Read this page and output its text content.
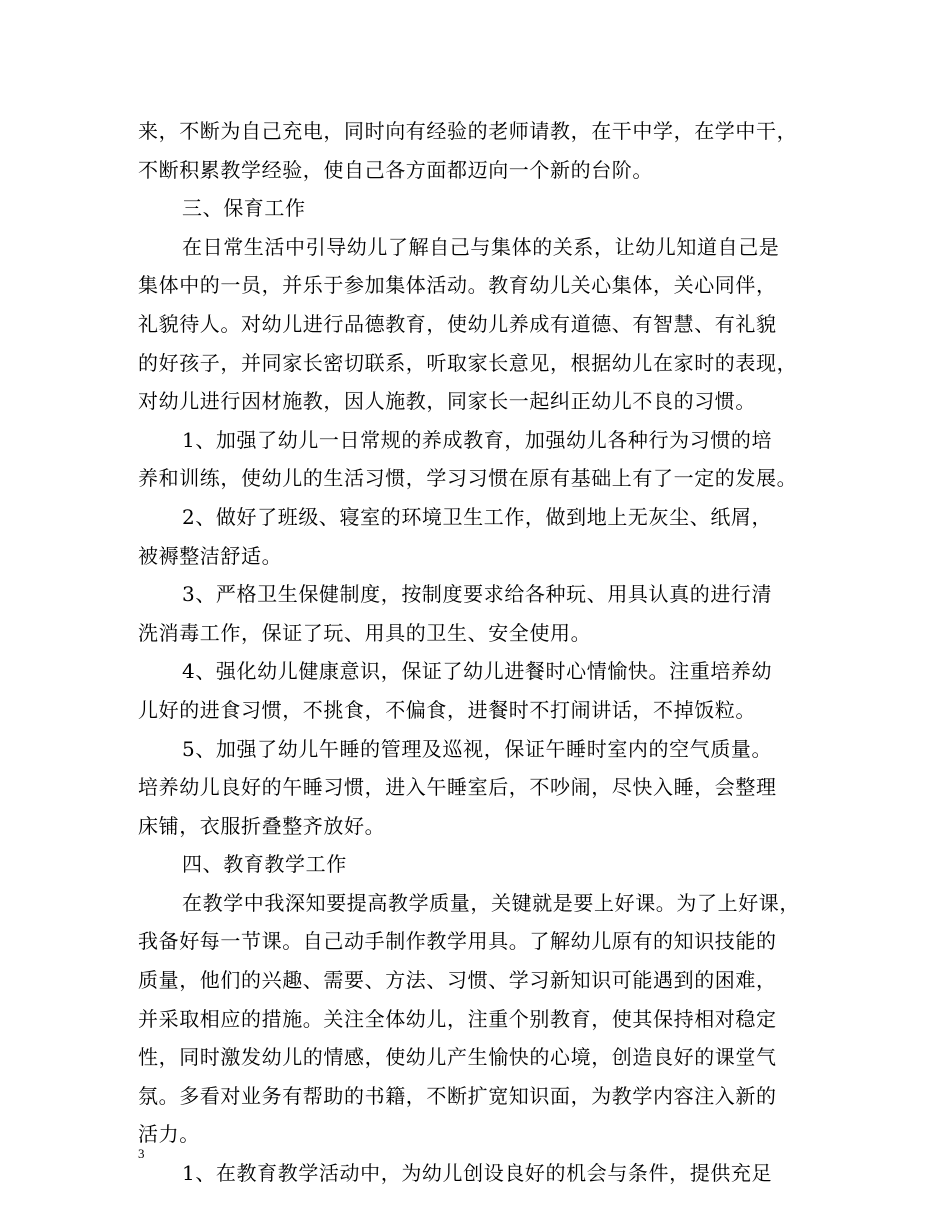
来，不断为自己充电，同时向有经验的老师请教，在干中学，在学中干，
不断积累教学经验，使自己各方面都迈向一个新的台阶。
三、保育工作
在日常生活中引导幼儿了解自己与集体的关系，让幼儿知道自己是
集体中的一员，并乐于参加集体活动。教育幼儿关心集体，关心同伴，
礼貌待人。对幼儿进行品德教育，使幼儿养成有道德、有智慧、有礼貌
的好孩子，并同家长密切联系，听取家长意见，根据幼儿在家时的表现，
对幼儿进行因材施教，因人施教，同家长一起纠正幼儿不良的习惯。
1、加强了幼儿一日常规的养成教育，加强幼儿各种行为习惯的培
养和训练，使幼儿的生活习惯，学习习惯在原有基础上有了一定的发展。
2、做好了班级、寝室的环境卫生工作，做到地上无灰尘、纸屑，
被褥整洁舒适。
3、严格卫生保健制度，按制度要求给各种玩、用具认真的进行清
洗消毒工作，保证了玩、用具的卫生、安全使用。
4、强化幼儿健康意识，保证了幼儿进餐时心情愉快。注重培养幼
儿好的进食习惯，不挑食，不偏食，进餐时不打闹讲话，不掉饭粒。
5、加强了幼儿午睡的管理及巡视，保证午睡时室内的空气质量。
培养幼儿良好的午睡习惯，进入午睡室后，不吵闹，尽快入睡，会整理
床铺，衣服折叠整齐放好。
四、教育教学工作
在教学中我深知要提高教学质量，关键就是要上好课。为了上好课，
我备好每一节课。自己动手制作教学用具。了解幼儿原有的知识技能的
质量，他们的兴趣、需要、方法、习惯、学习新知识可能遇到的困难，
并采取相应的措施。关注全体幼儿，注重个别教育，使其保持相对稳定
性，同时激发幼儿的情感，使幼儿产生愉快的心境，创造良好的课堂气
氛。多看对业务有帮助的书籍，不断扩宽知识面，为教学内容注入新的
活力。
1、在教育教学活动中，为幼儿创设良好的机会与条件，提供充足
3
